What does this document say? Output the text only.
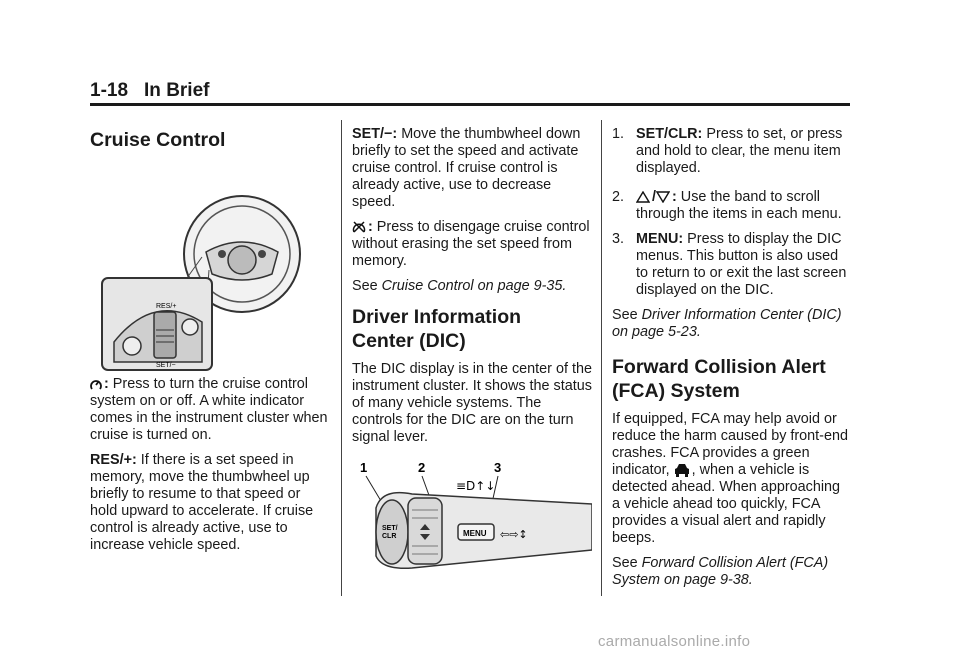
1-18 In Brief
Cruise Control
RES/+
SET/−

: Press to turn the cruise control system on or off. A white indicator comes in the instrument cluster when cruise is turned on.

RES/+: If there is a set speed in memory, move the thumbwheel up briefly to resume to that speed or hold upward to accelerate. If cruise control is already active, use to increase vehicle speed.

SET/−: Move the thumbwheel down briefly to set the speed and activate cruise control. If cruise control is already active, use to decrease speed.

: Press to disengage cruise control without erasing the set speed from memory.

See Cruise Control on page 9-35.

Driver Information
Center (DIC)

The DIC display is in the center of the instrument cluster. It shows the status of many vehicle systems. The controls for the DIC are on the turn signal lever.

1	2	3
SET/
CLR	MENU
≡D↑↓
⇦⇨↕
1. SET/CLR: Press to set, or press and hold to clear, the menu item displayed.
2. / : Use the band to scroll through the items in each menu.
3. MENU: Press to display the DIC menus. This button is also used to return to or exit the last screen displayed on the DIC.

See Driver Information Center (DIC) on page 5-23.

Forward Collision Alert
(FCA) System

If equipped, FCA may help avoid or reduce the harm caused by front-end crashes. FCA provides a green indicator, , when a vehicle is detected ahead. When approaching a vehicle ahead too quickly, FCA provides a visual alert and rapidly beeps.

See Forward Collision Alert (FCA) System on page 9-38.

carmanualsonline.info
